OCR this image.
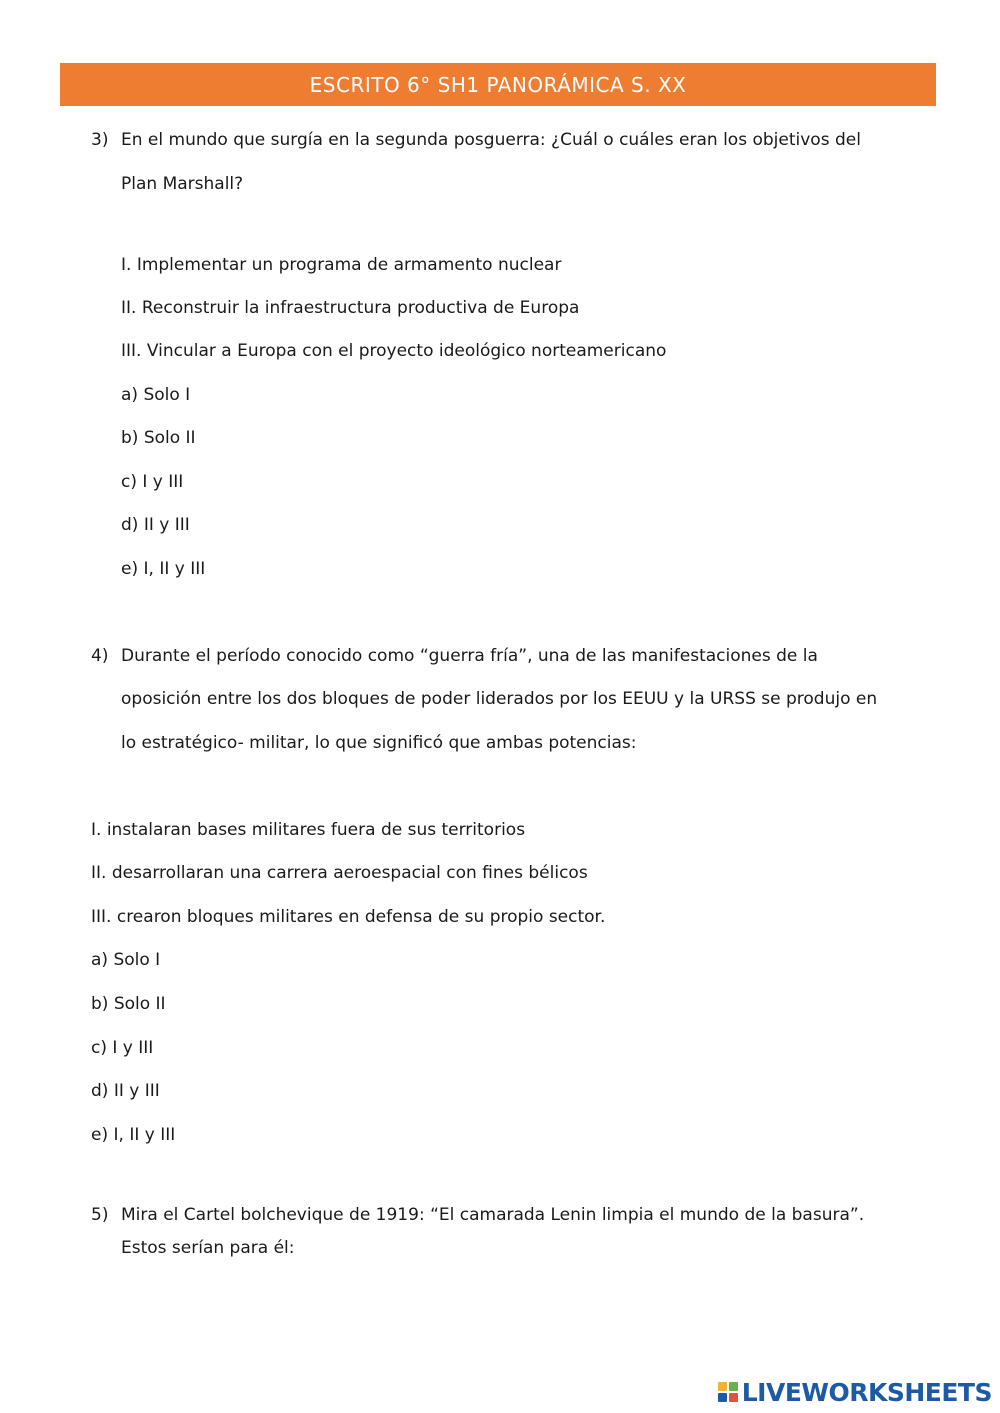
ESCRITO 6° SH1 PANORÁMICA S. XX
3) En el mundo que surgía en la segunda posguerra: ¿Cuál o cuáles eran los objetivos del
Plan Marshall?
I. Implementar un programa de armamento nuclear
II. Reconstruir la infraestructura productiva de Europa
III. Vincular a Europa con el proyecto ideológico norteamericano
a) Solo I
b) Solo II
c) I y III
d) II y III
e) I, II y III
4) Durante el período conocido como “guerra fría”, una de las manifestaciones de la
oposición entre los dos bloques de poder liderados por los EEUU y la URSS se produjo en
lo estratégico- militar, lo que significó que ambas potencias:
I. instalaran bases militares fuera de sus territorios
II. desarrollaran una carrera aeroespacial con fines bélicos
III. crearon bloques militares en defensa de su propio sector.
a) Solo I
b) Solo II
c) I y III
d) II y III
e) I, II y III
5) Mira el Cartel bolchevique de 1919: “El camarada Lenin limpia el mundo de la basura”.
Estos serían para él:
LIVEWORKSHEETS
